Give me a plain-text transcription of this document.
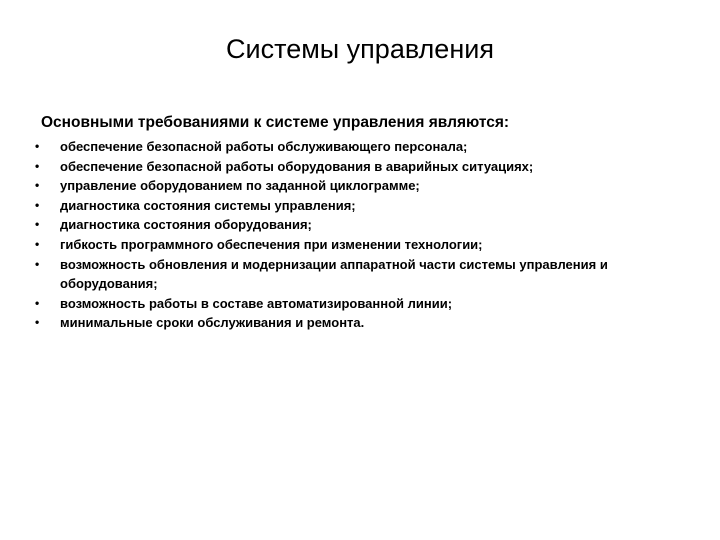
Системы управления
Основными требованиями к системе управления являются:
•	обеспечение безопасной работы обслуживающего персонала;
•	обеспечение безопасной работы оборудования в аварийных ситуациях;
•	управление оборудованием по заданной циклограмме;
•	диагностика состояния системы управления;
•	диагностика состояния оборудования;
•	гибкость программного обеспечения при изменении технологии;
•	возможность обновления и модернизации аппаратной части системы управления и оборудования;
•	возможность работы в составе автоматизированной линии;
•	минимальные сроки обслуживания и ремонта.
